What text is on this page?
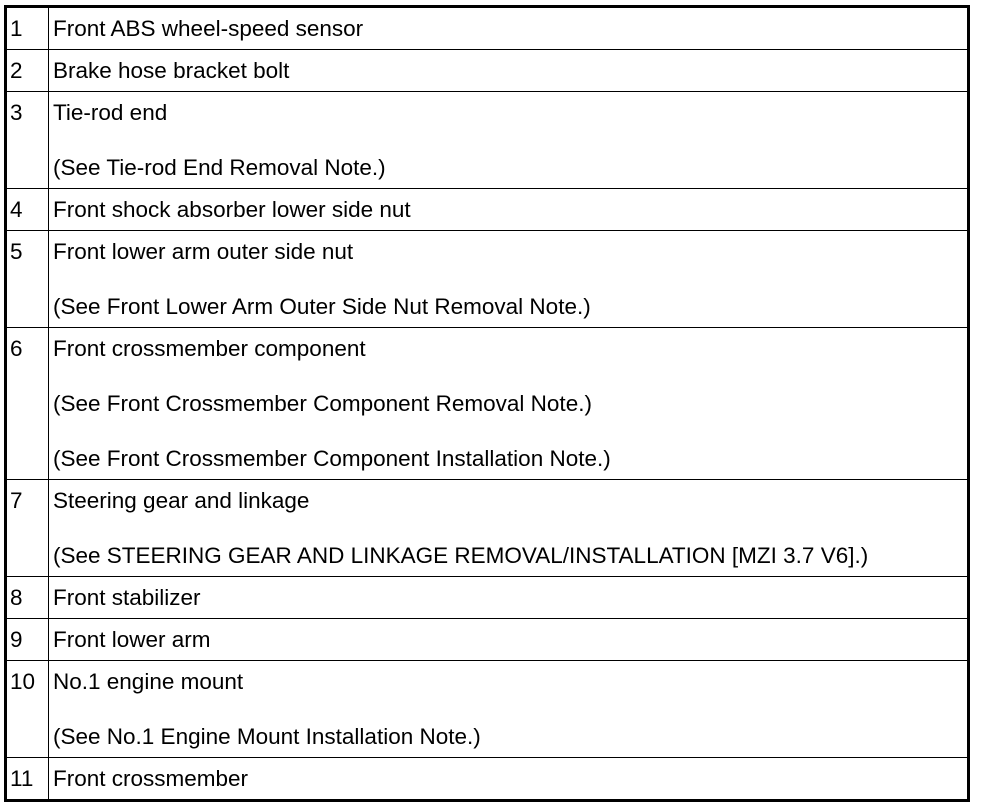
1	Front ABS wheel-speed sensor

2	Brake hose bracket bolt

3	Tie-rod end
(See Tie-rod End Removal Note.)

4	Front shock absorber lower side nut

5	Front lower arm outer side nut
(See Front Lower Arm Outer Side Nut Removal Note.)

6	Front crossmember component
(See Front Crossmember Component Removal Note.)
(See Front Crossmember Component Installation Note.)

7	Steering gear and linkage
(See STEERING GEAR AND LINKAGE REMOVAL/INSTALLATION [MZI 3.7 V6].)

8	Front stabilizer

9	Front lower arm

10	No.1 engine mount
(See No.1 Engine Mount Installation Note.)

11	Front crossmember
